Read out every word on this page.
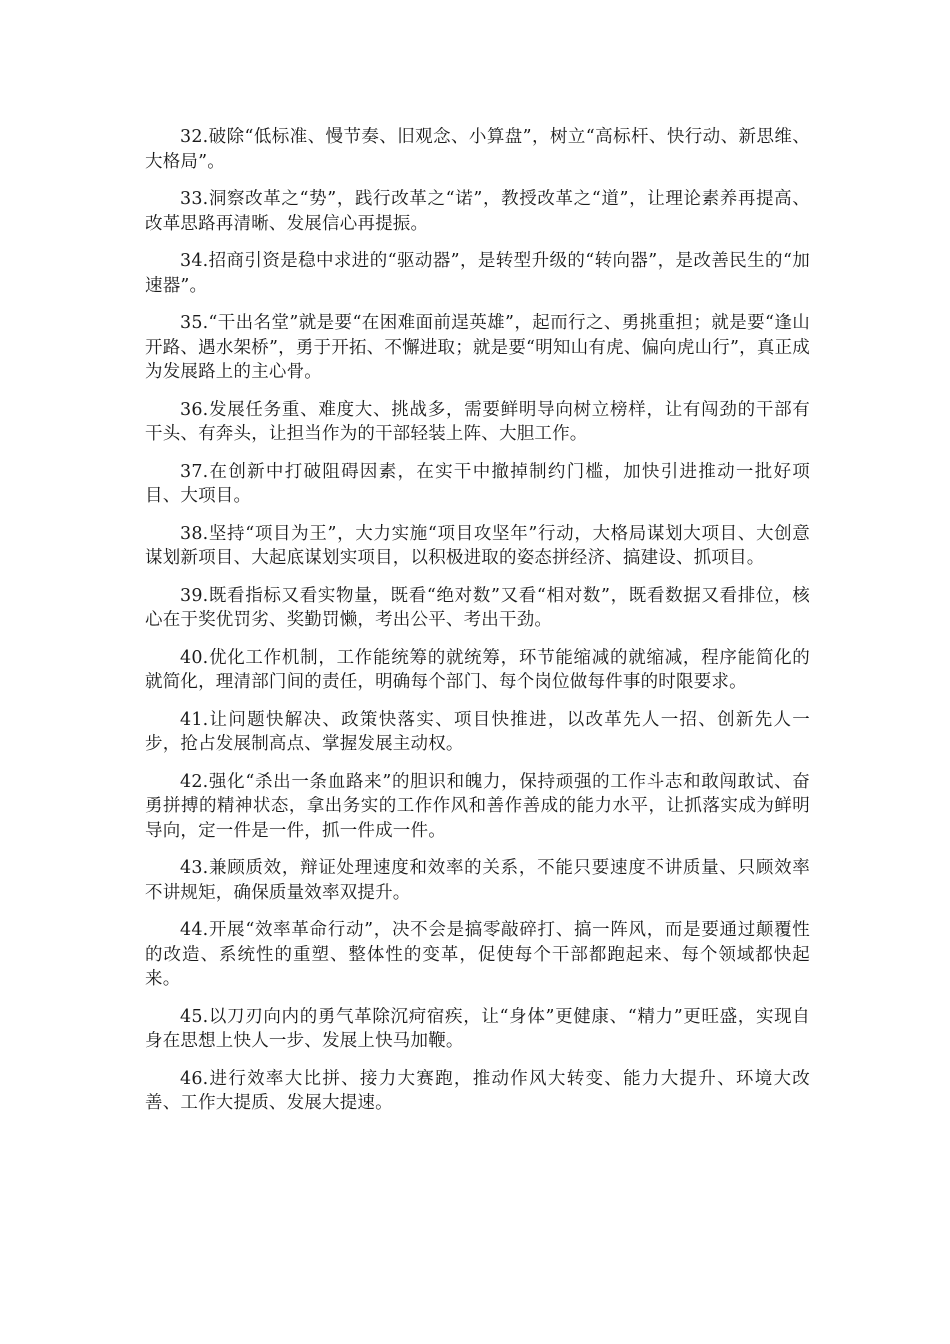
32.破除“低标准、慢节奏、旧观念、小算盘”，树立“高标杆、快行动、新思维、大格局”。

33.洞察改革之“势”，践行改革之“诺”，教授改革之“道”，让理论素养再提高、改革思路再清晰、发展信心再提振。

34.招商引资是稳中求进的“驱动器”，是转型升级的“转向器”，是改善民生的“加速器”。

35.“干出名堂”就是要“在困难面前逞英雄”，起而行之、勇挑重担；就是要“逢山开路、遇水架桥”，勇于开拓、不懈进取；就是要“明知山有虎、偏向虎山行”，真正成为发展路上的主心骨。

36.发展任务重、难度大、挑战多，需要鲜明导向树立榜样，让有闯劲的干部有干头、有奔头，让担当作为的干部轻装上阵、大胆工作。

37.在创新中打破阻碍因素，在实干中撤掉制约门槛，加快引进推动一批好项目、大项目。

38.坚持“项目为王”，大力实施“项目攻坚年”行动，大格局谋划大项目、大创意谋划新项目、大起底谋划实项目，以积极进取的姿态拼经济、搞建设、抓项目。

39.既看指标又看实物量，既看“绝对数”又看“相对数”，既看数据又看排位，核心在于奖优罚劣、奖勤罚懒，考出公平、考出干劲。

40.优化工作机制，工作能统筹的就统筹，环节能缩减的就缩减，程序能简化的就简化，理清部门间的责任，明确每个部门、每个岗位做每件事的时限要求。

41.让问题快解决、政策快落实、项目快推进，以改革先人一招、创新先人一步，抢占发展制高点、掌握发展主动权。

42.强化“杀出一条血路来”的胆识和魄力，保持顽强的工作斗志和敢闯敢试、奋勇拼搏的精神状态，拿出务实的工作作风和善作善成的能力水平，让抓落实成为鲜明导向，定一件是一件，抓一件成一件。

43.兼顾质效，辩证处理速度和效率的关系，不能只要速度不讲质量、只顾效率不讲规矩，确保质量效率双提升。

44.开展“效率革命行动”，决不会是搞零敲碎打、搞一阵风，而是要通过颠覆性的改造、系统性的重塑、整体性的变革，促使每个干部都跑起来、每个领域都快起来。

45.以刀刃向内的勇气革除沉疴宿疾，让“身体”更健康、“精力”更旺盛，实现自身在思想上快人一步、发展上快马加鞭。

46.进行效率大比拼、接力大赛跑，推动作风大转变、能力大提升、环境大改善、工作大提质、发展大提速。
